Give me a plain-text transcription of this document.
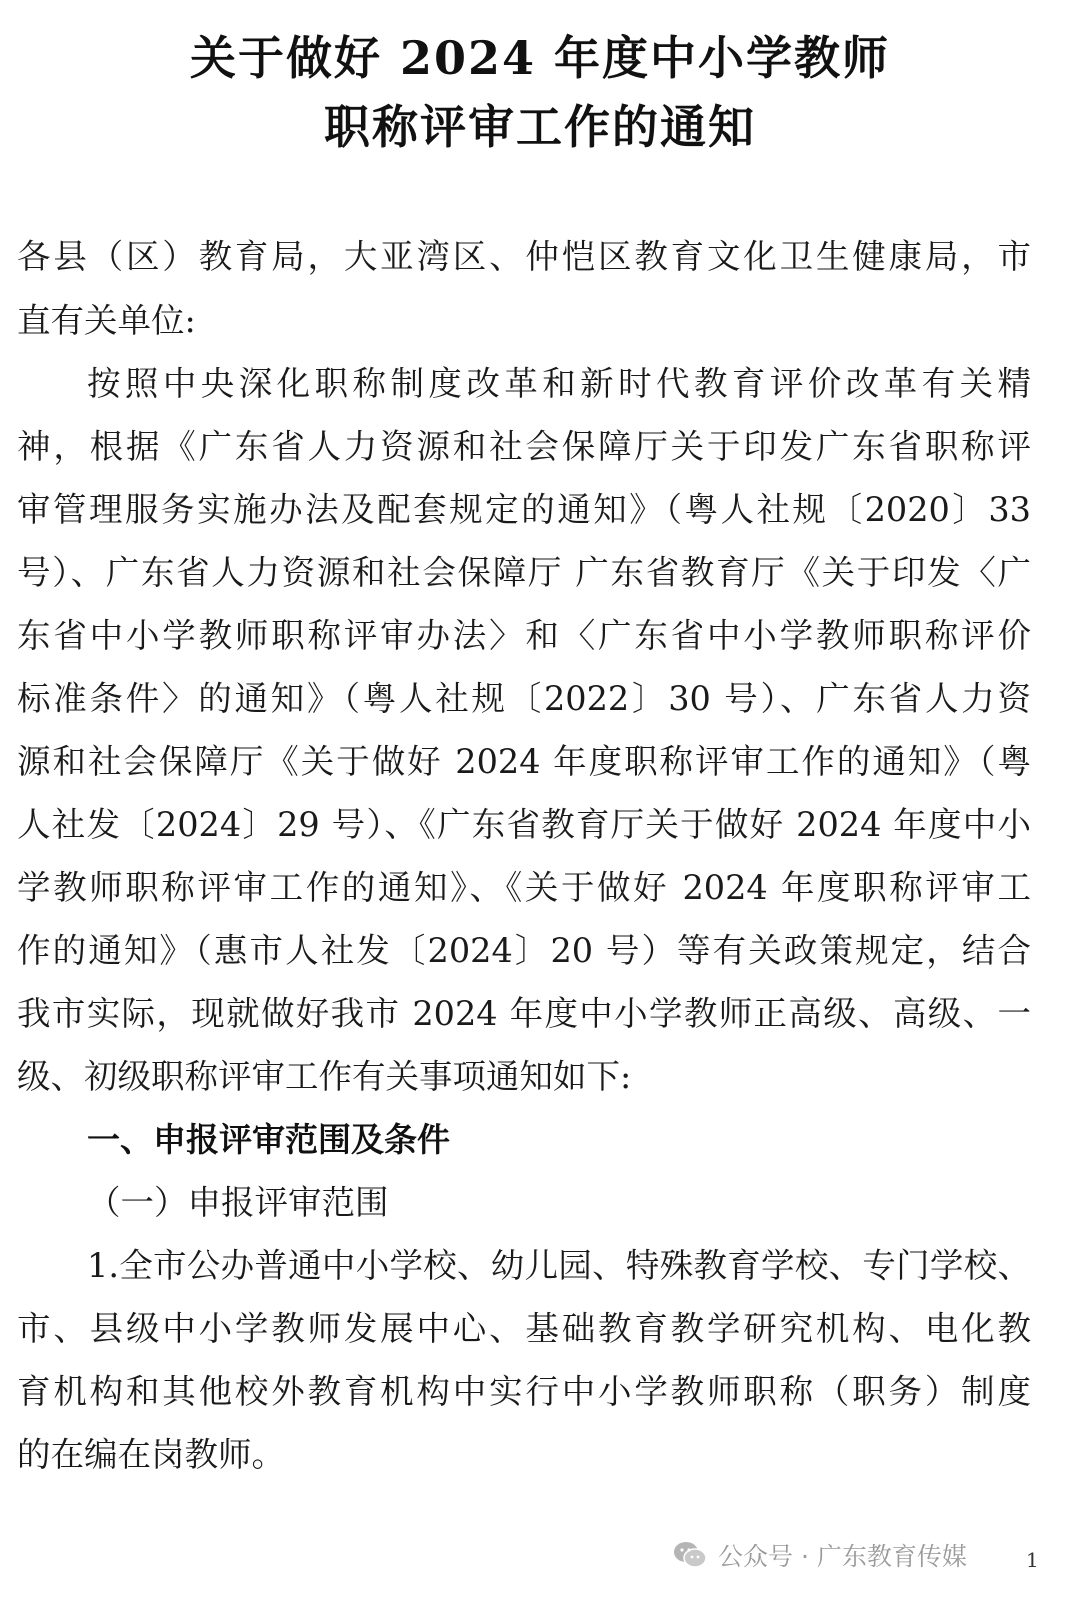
关于做好 2024 年度中小学教师
职称评审工作的通知
各县（区）教育局，大亚湾区、仲恺区教育文化卫生健康局，市
直有关单位:
按照中央深化职称制度改革和新时代教育评价改革有关精
神，根据《广东省人力资源和社会保障厅关于印发广东省职称评
审管理服务实施办法及配套规定的通知》（粤人社规〔2020〕33
号）、广东省人力资源和社会保障厅 广东省教育厅《关于印发〈广
东省中小学教师职称评审办法〉和〈广东省中小学教师职称评价
标准条件〉的通知》（粤人社规〔2022〕30 号）、广东省人力资
源和社会保障厅《关于做好 2024 年度职称评审工作的通知》（粤
人社发〔2024〕29 号）、《广东省教育厅关于做好 2024 年度中小
学教师职称评审工作的通知》、《关于做好 2024 年度职称评审工
作的通知》（惠市人社发〔2024〕20 号）等有关政策规定，结合
我市实际，现就做好我市 2024 年度中小学教师正高级、高级、一
级、初级职称评审工作有关事项通知如下:
一、申报评审范围及条件
（一）申报评审范围
1.全市公办普通中小学校、幼儿园、特殊教育学校、专门学校、
市、县级中小学教师发展中心、基础教育教学研究机构、电化教
育机构和其他校外教育机构中实行中小学教师职称（职务）制度
的在编在岗教师。
公众号 · 广东教育传媒	1
